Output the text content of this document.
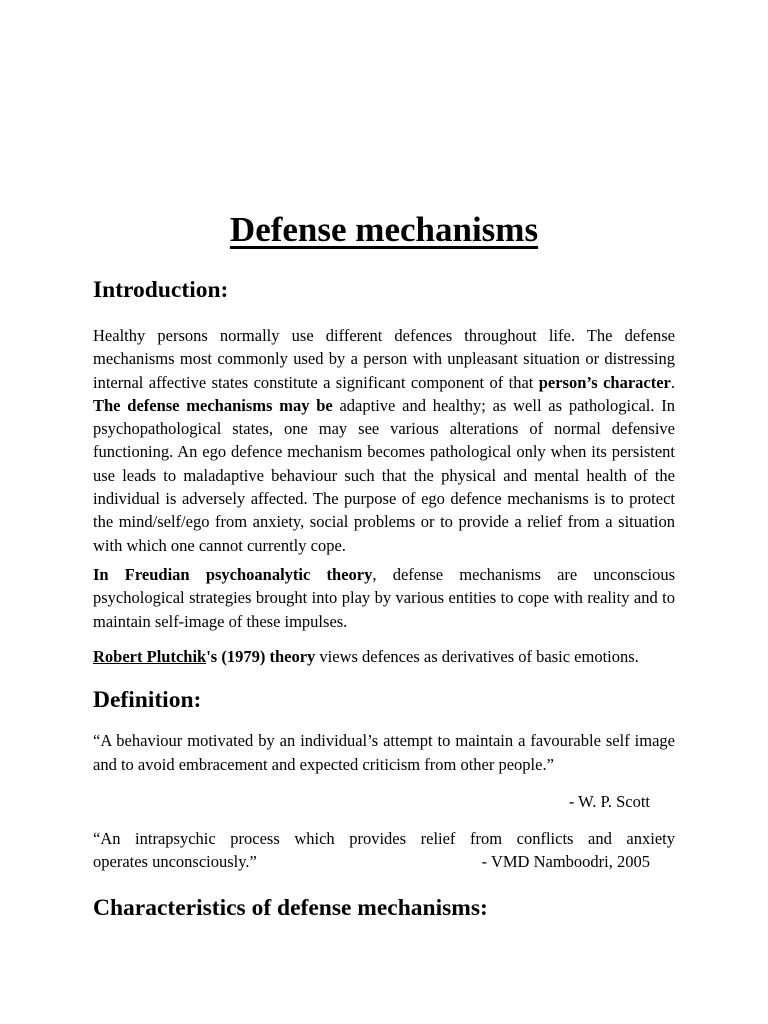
Defense mechanisms
Introduction:

Healthy persons normally use different defences throughout life. The defense mechanisms most commonly used by a person with unpleasant situation or distressing internal affective states constitute a significant component of that person’s character. The defense mechanisms may be adaptive and healthy; as well as pathological. In psychopathological states, one may see various alterations of normal defensive functioning. An ego defence mechanism becomes pathological only when its persistent use leads to maladaptive behaviour such that the physical and mental health of the individual is adversely affected. The purpose of ego defence mechanisms is to protect the mind/self/ego from anxiety, social problems or to provide a relief from a situation with which one cannot currently cope.

In Freudian psychoanalytic theory, defense mechanisms are unconscious psychological strategies brought into play by various entities to cope with reality and to maintain self-image of these impulses.

Robert Plutchik's (1979) theory views defences as derivatives of basic emotions.

Definition:

“A behaviour motivated by an individual’s attempt to maintain a favourable self image and to avoid embracement and expected criticism from other people.”

- W. P. Scott

“An intrapsychic process which provides relief from conflicts and anxiety
operates unconsciously.”	- VMD Namboodri, 2005
Characteristics of defense mechanisms:
